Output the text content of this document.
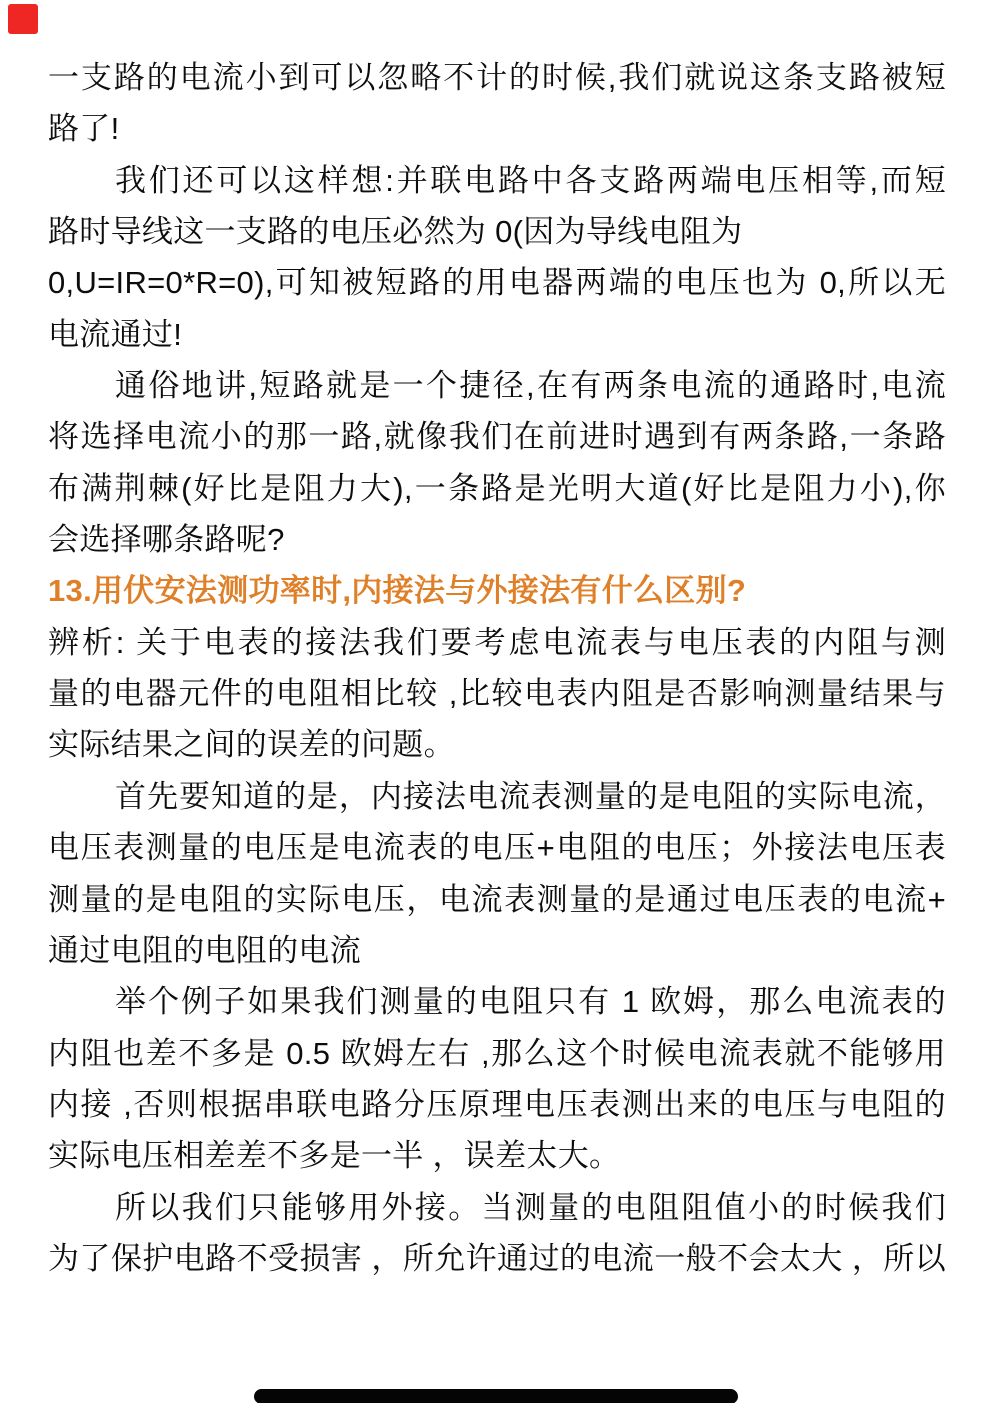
一支路的电流小到可以忽略不计的时候,我们就说这条支路被短
路了!
我们还可以这样想:并联电路中各支路两端电压相等,而短
路时导线这一支路的电压必然为 0(因为导线电阻为
0,U=IR=0*R=0),可知被短路的用电器两端的电压也为 0,所以无
电流通过!
通俗地讲,短路就是一个捷径,在有两条电流的通路时,电流
将选择电流小的那一路,就像我们在前进时遇到有两条路,一条路
布满荆棘(好比是阻力大),一条路是光明大道(好比是阻力小),你
会选择哪条路呢?
13.用伏安法测功率时,内接法与外接法有什么区别?
辨析: 关于电表的接法我们要考虑电流表与电压表的内阻与测
量的电器元件的电阻相比较 ,比较电表内阻是否影响测量结果与
实际结果之间的误差的问题。
首先要知道的是，内接法电流表测量的是电阻的实际电流，
电压表测量的电压是电流表的电压+电阻的电压；外接法电压表
测量的是电阻的实际电压，电流表测量的是通过电压表的电流+
通过电阻的电阻的电流
举个例子如果我们测量的电阻只有 1 欧姆，那么电流表的
内阻也差不多是 0.5 欧姆左右 ,那么这个时候电流表就不能够用
内接 ,否则根据串联电路分压原理电压表测出来的电压与电阻的
实际电压相差差不多是一半 ，误差太大。
所以我们只能够用外接。当测量的电阻阻值小的时候我们
为了保护电路不受损害 ，所允许通过的电流一般不会太大 ，所以
